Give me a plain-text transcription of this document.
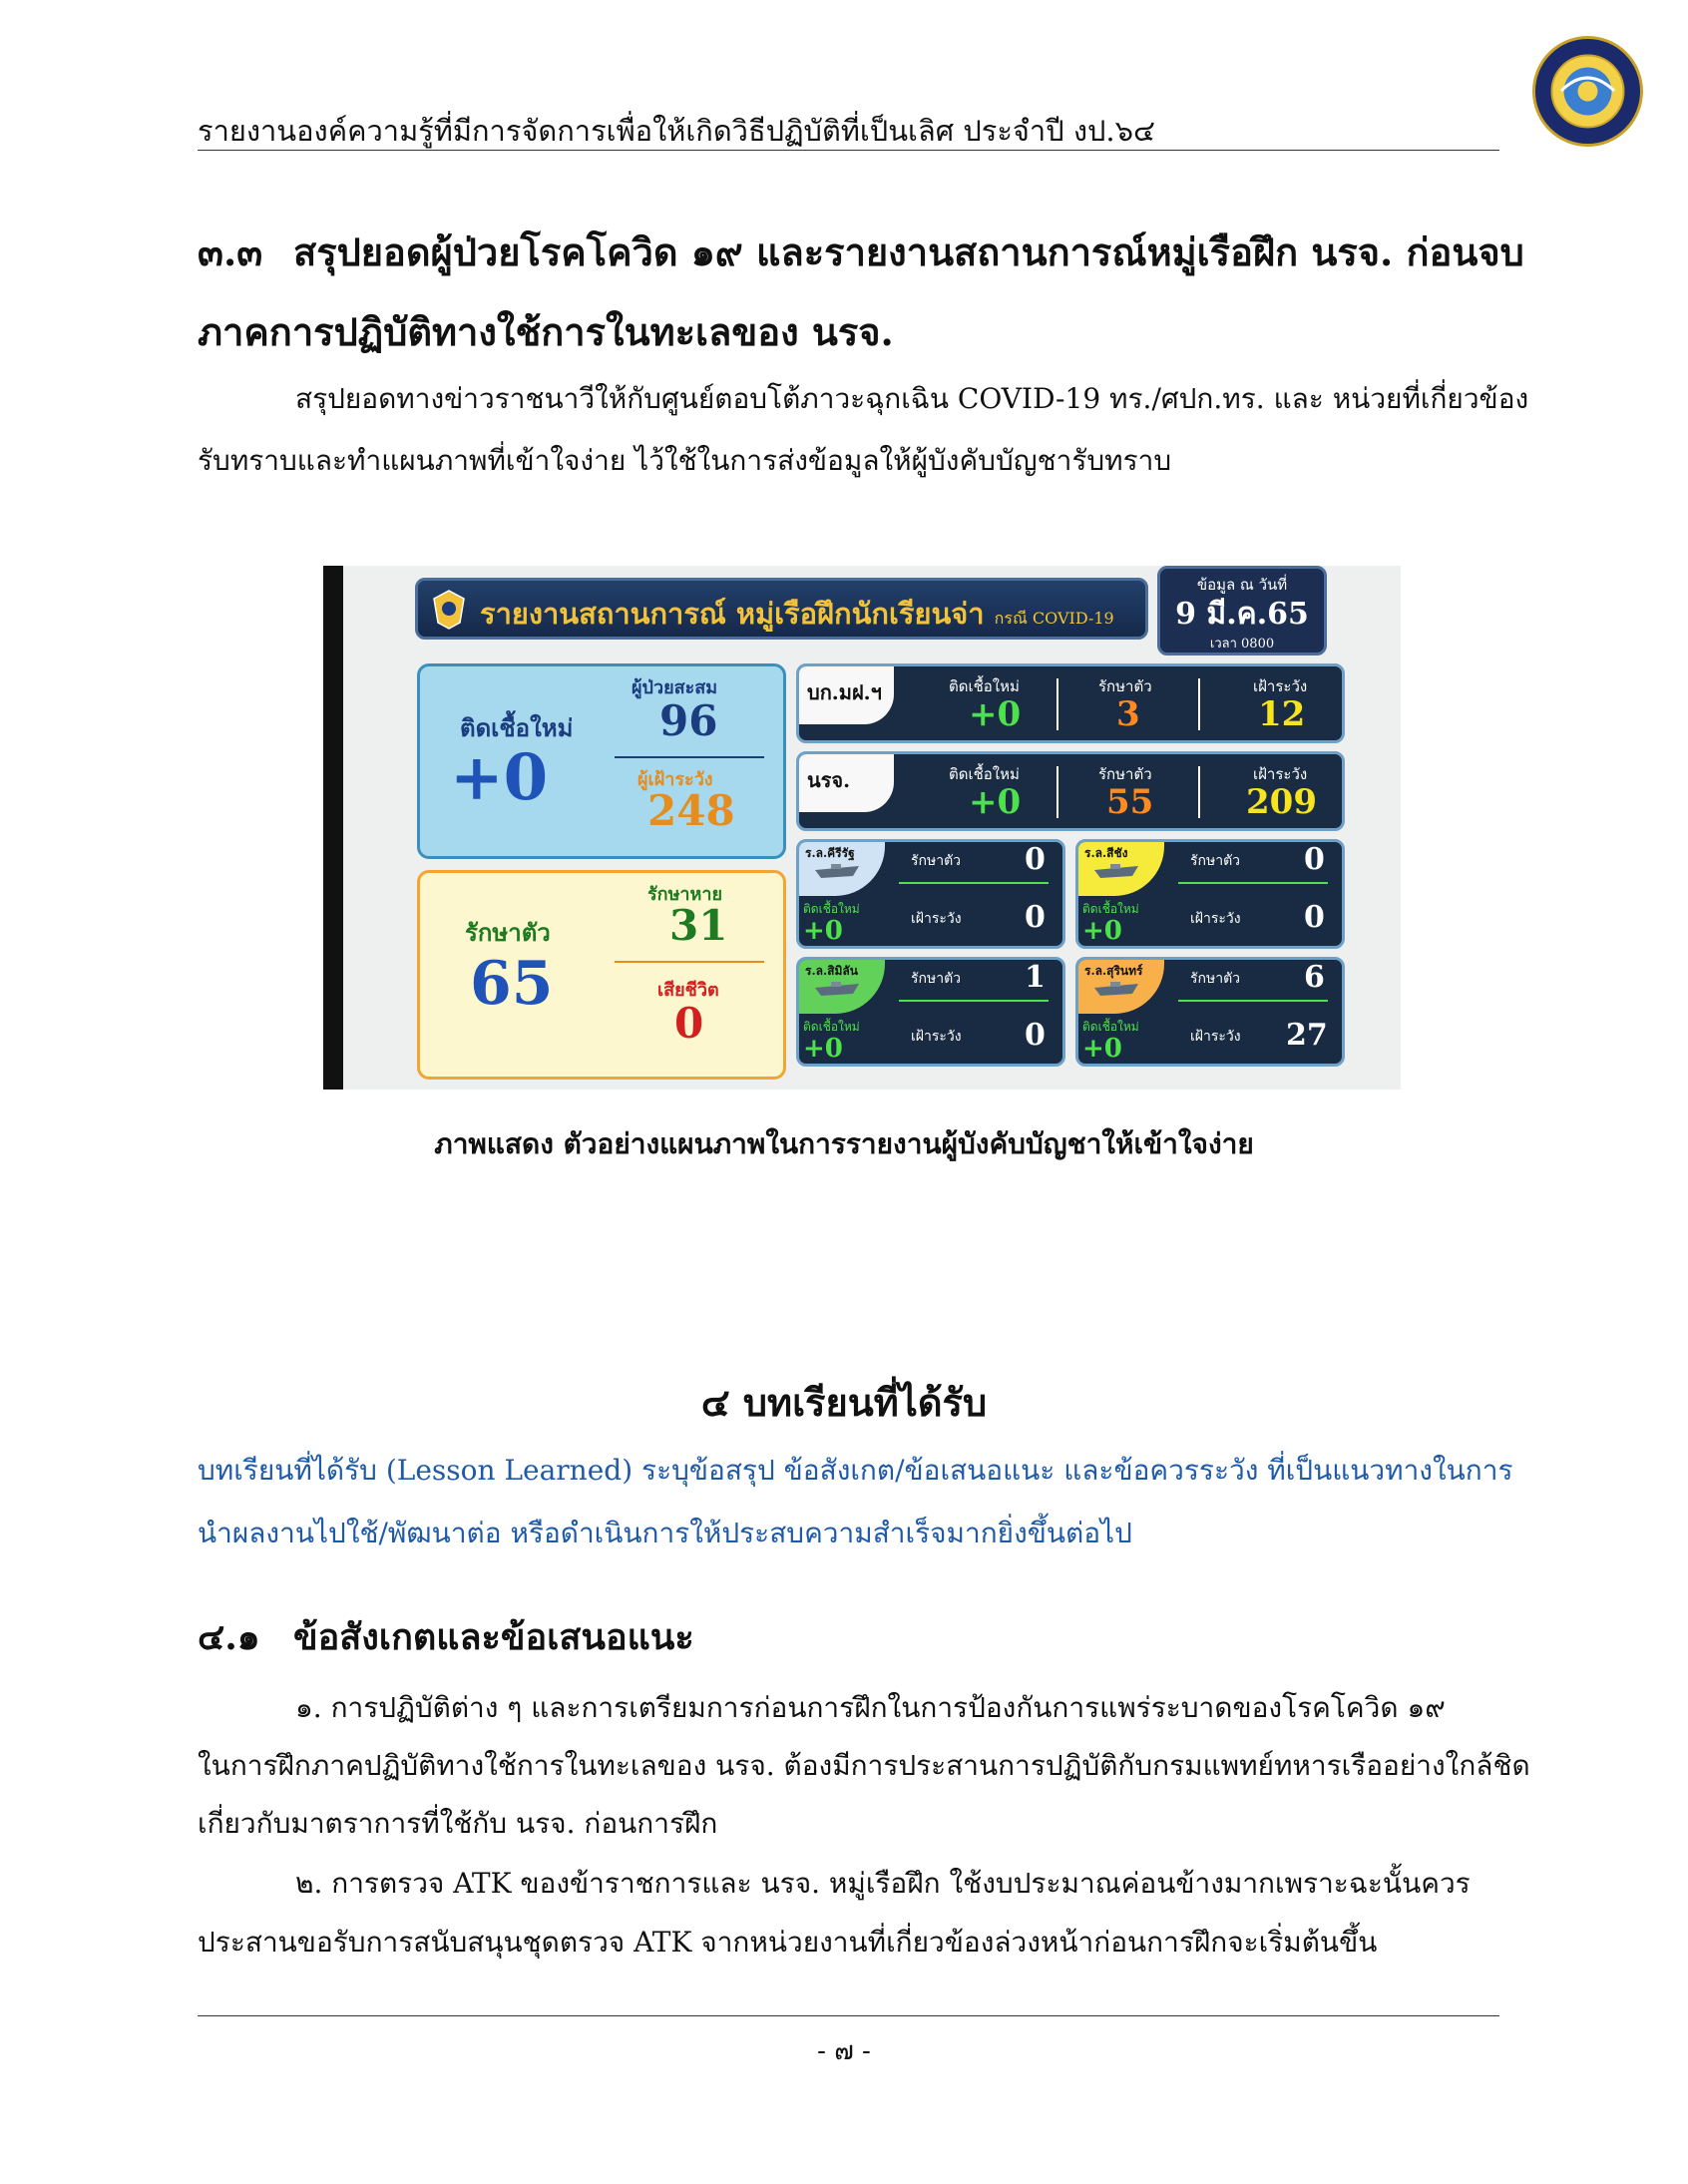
รายงานองค์ความรู้ที่มีการจัดการเพื่อให้เกิดวิธีปฏิบัติที่เป็นเลิศ ประจำปี งป.๖๔
๓.๓ สรุปยอดผู้ป่วยโรคโควิด ๑๙ และรายงานสถานการณ์หมู่เรือฝึก นรจ. ก่อนจบ
ภาคการปฏิบัติทางใช้การในทะเลของ นรจ.
สรุปยอดทางข่าวราชนาวีให้กับศูนย์ตอบโต้ภาวะฉุกเฉิน COVID-19 ทร./ศปก.ทร. และ หน่วยที่เกี่ยวข้อง
รับทราบและทำแผนภาพที่เข้าใจง่าย ไว้ใช้ในการส่งข้อมูลให้ผู้บังคับบัญชารับทราบ
รายงานสถานการณ์ หมู่เรือฝึกนักเรียนจ่า กรณี COVID-19
ข้อมูล ณ วันที่
9 มี.ค.65
เวลา 0800
ติดเชื้อใหม่
+0
ผู้ป่วยสะสม
96
ผู้เฝ้าระวัง
248
รักษาตัว
65
รักษาหาย
31
เสียชีวิต
0
บก.มฝ.ฯ	ติดเชื้อใหม่
+0
รักษาตัว
3
เฝ้าระวัง
12
นรจ.	ติดเชื้อใหม่
+0
รักษาตัว
55
เฝ้าระวัง
209
ร.ล.คีรีรัฐ
ติดเชื้อใหม่
+0
รักษาตัว 0
เฝ้าระวัง 0
ร.ล.สีชัง
ติดเชื้อใหม่
+0
รักษาตัว 0
เฝ้าระวัง 0
ร.ล.สิมิลัน
ติดเชื้อใหม่
+0
รักษาตัว 1
เฝ้าระวัง 0
ร.ล.สุรินทร์
ติดเชื้อใหม่
+0
รักษาตัว 6
เฝ้าระวัง 27
ภาพแสดง ตัวอย่างแผนภาพในการรายงานผู้บังคับบัญชาให้เข้าใจง่าย
๔ บทเรียนที่ได้รับ
บทเรียนที่ได้รับ (Lesson Learned) ระบุข้อสรุป ข้อสังเกต/ข้อเสนอแนะ และข้อควรระวัง ที่เป็นแนวทางในการ
นำผลงานไปใช้/พัฒนาต่อ หรือดำเนินการให้ประสบความสำเร็จมากยิ่งขึ้นต่อไป
๔.๑ ข้อสังเกตและข้อเสนอแนะ
๑. การปฏิบัติต่าง ๆ และการเตรียมการก่อนการฝึกในการป้องกันการแพร่ระบาดของโรคโควิด ๑๙
ในการฝึกภาคปฏิบัติทางใช้การในทะเลของ นรจ. ต้องมีการประสานการปฏิบัติกับกรมแพทย์ทหารเรืออย่างใกล้ชิด
เกี่ยวกับมาตราการที่ใช้กับ นรจ. ก่อนการฝึก
๒. การตรวจ ATK ของข้าราชการและ นรจ. หมู่เรือฝึก ใช้งบประมาณค่อนข้างมากเพราะฉะนั้นควร
ประสานขอรับการสนับสนุนชุดตรวจ ATK จากหน่วยงานที่เกี่ยวข้องล่วงหน้าก่อนการฝึกจะเริ่มต้นขึ้น
- ๗ -
